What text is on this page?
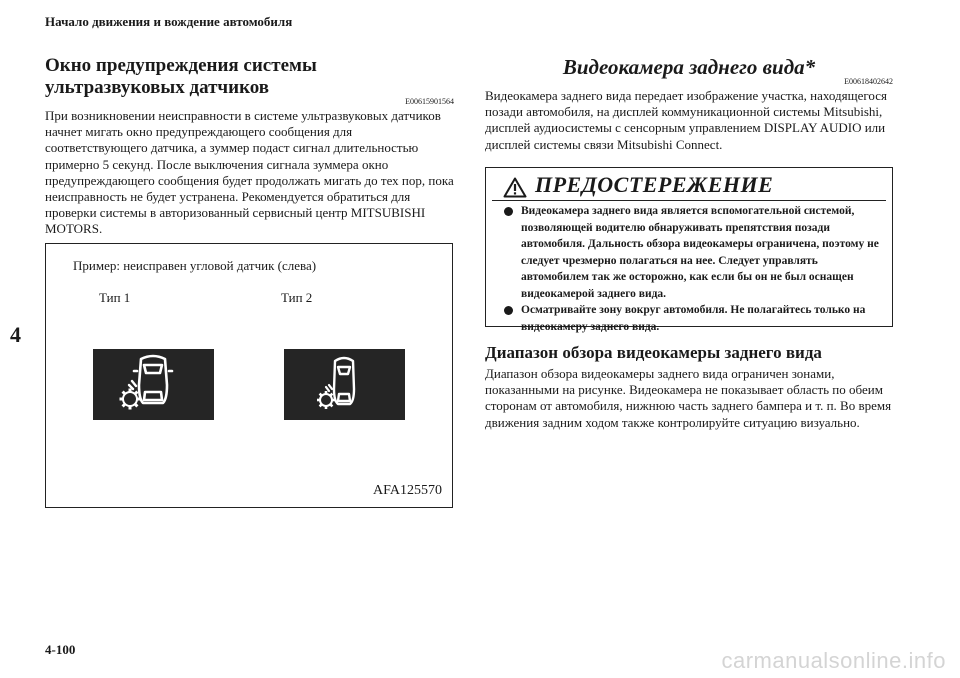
Начало движения и вождение автомобиля
4
4-100	carmanualsonline.info
Окно предупреждения системы ультразвуковых датчиков
E00615901564
При возникновении неисправности в системе ультразвуковых датчиков начнет мигать окно предупреждающего сообщения для соответствующего датчика, а зуммер подаст сигнал длительностью примерно 5 секунд. После выключения сигнала зуммера окно предупреждающего сообщения будет продолжать мигать до тех пор, пока неисправность не будет устранена. Рекомендуется обратиться для проверки системы в авторизованный сервисный центр MITSUBISHI MOTORS.
Пример: неисправен угловой датчик (слева)
Тип 1	Тип 2
AFA125570
Видеокамера заднего вида*
E00618402642
Видеокамера заднего вида передает изображение участка, находящегося позади автомобиля, на дисплей коммуникационной системы Mitsubishi, дисплей аудиосистемы с сенсорным управлением DISPLAY AUDIO или дисплей системы связи Mitsubishi Connect.
ПРЕДОСТЕРЕЖЕНИЕ
Видеокамера заднего вида является вспомогательной системой, позволяющей водителю обнаруживать препятствия позади автомобиля. Дальность обзора видеокамеры ограничена, поэтому не следует чрезмерно полагаться на нее. Следует управлять автомобилем так же осторожно, как если бы он не был оснащен видеокамерой заднего вида.
Осматривайте зону вокруг автомобиля. Не полагайтесь только на видеокамеру заднего вида.
Диапазон обзора видеокамеры заднего вида
Диапазон обзора видеокамеры заднего вида ограничен зонами, показанными на рисунке. Видеокамера не показывает область по обеим сторонам от автомобиля, нижнюю часть заднего бампера и т. п. Во время движения задним ходом также контролируйте ситуацию визуально.
